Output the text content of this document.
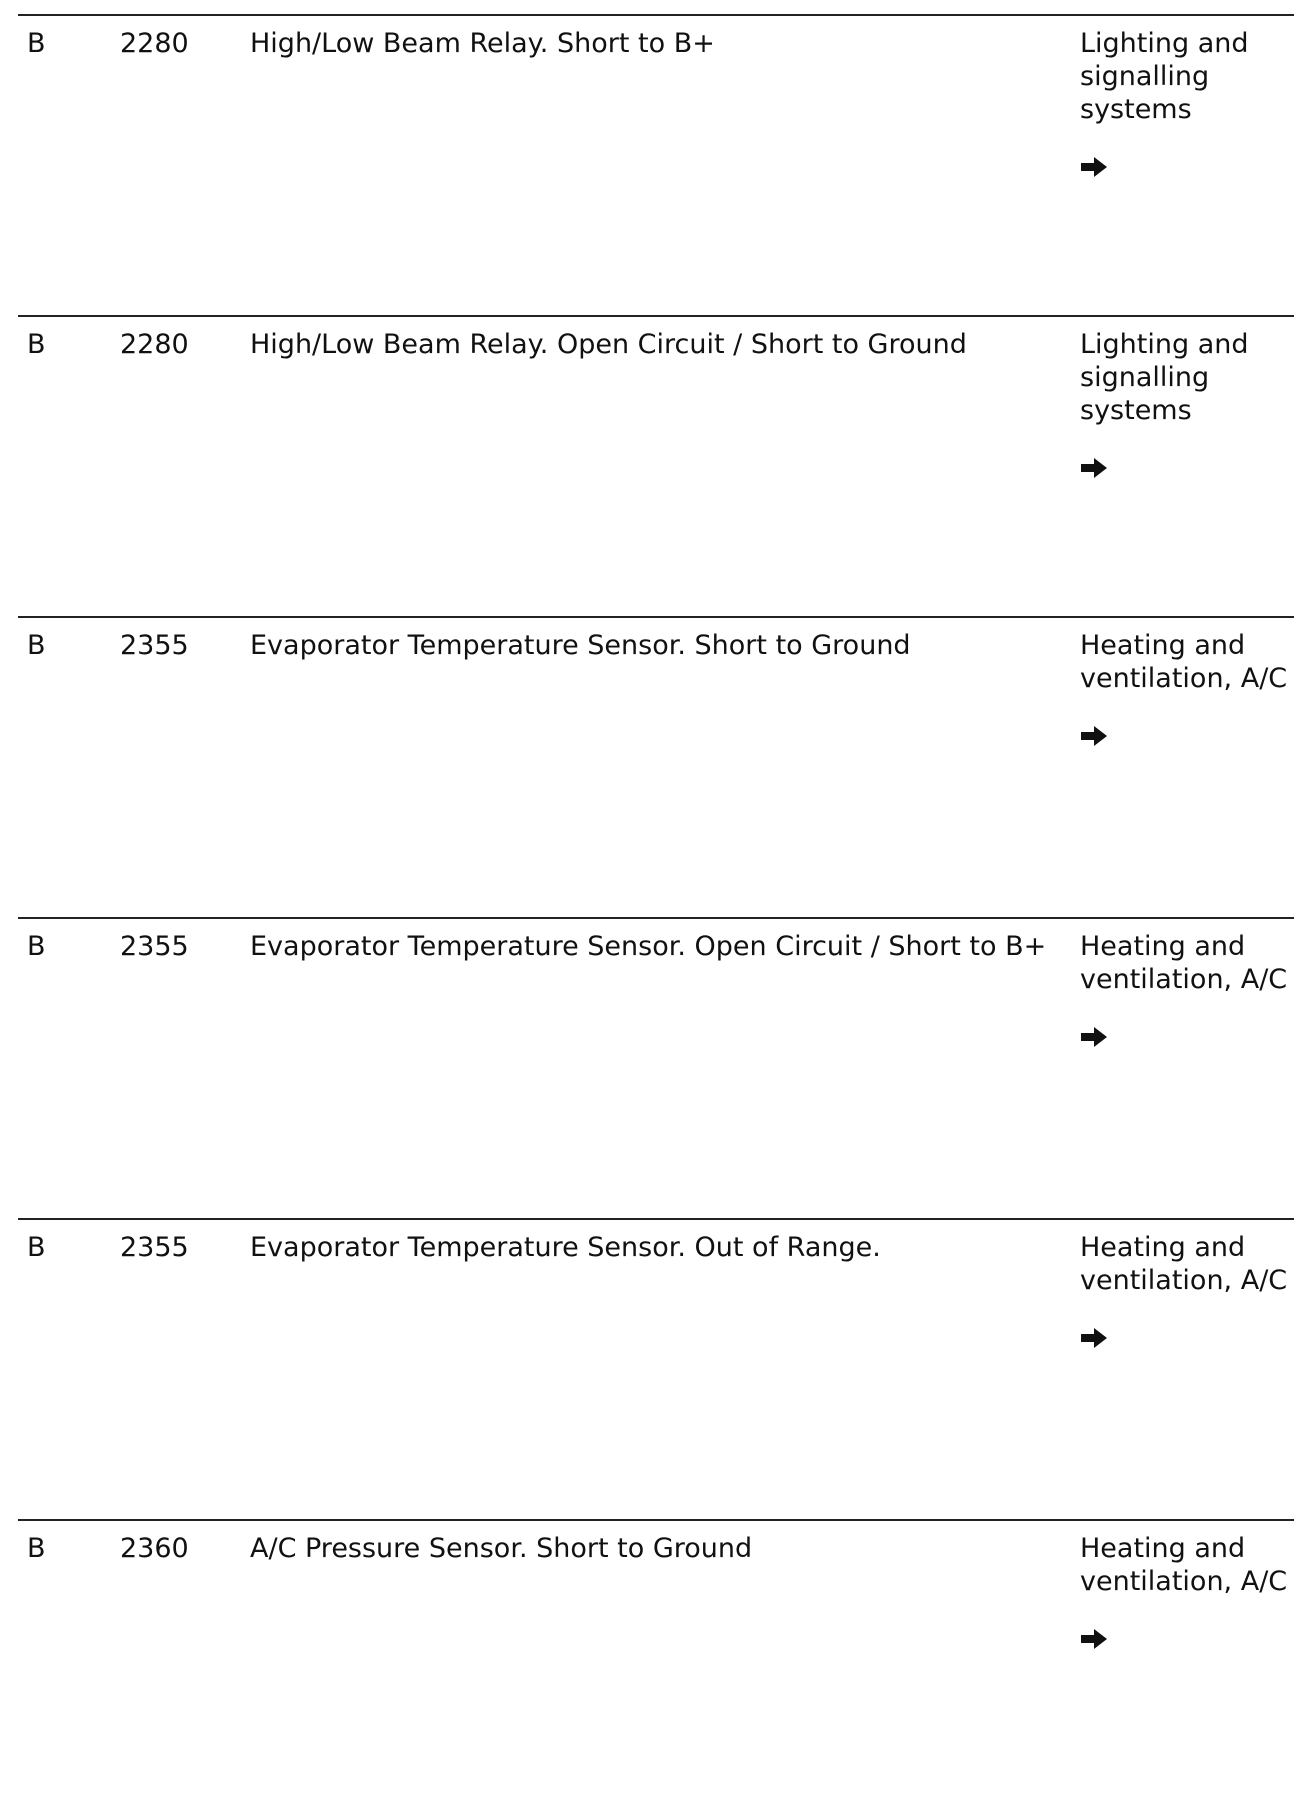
B	2280 High/Low Beam Relay. Short to B+	Lighting and signalling systems
B	2280 High/Low Beam Relay. Open Circuit / Short to Ground	Lighting and signalling systems
B	2355 Evaporator Temperature Sensor. Short to Ground	Heating and ventilation, A/C
B	2355 Evaporator Temperature Sensor. Open Circuit / Short to B+	Heating and ventilation, A/C
B	2355 Evaporator Temperature Sensor. Out of Range.	Heating and ventilation, A/C
B	2360 A/C Pressure Sensor. Short to Ground	Heating and ventilation, A/C
